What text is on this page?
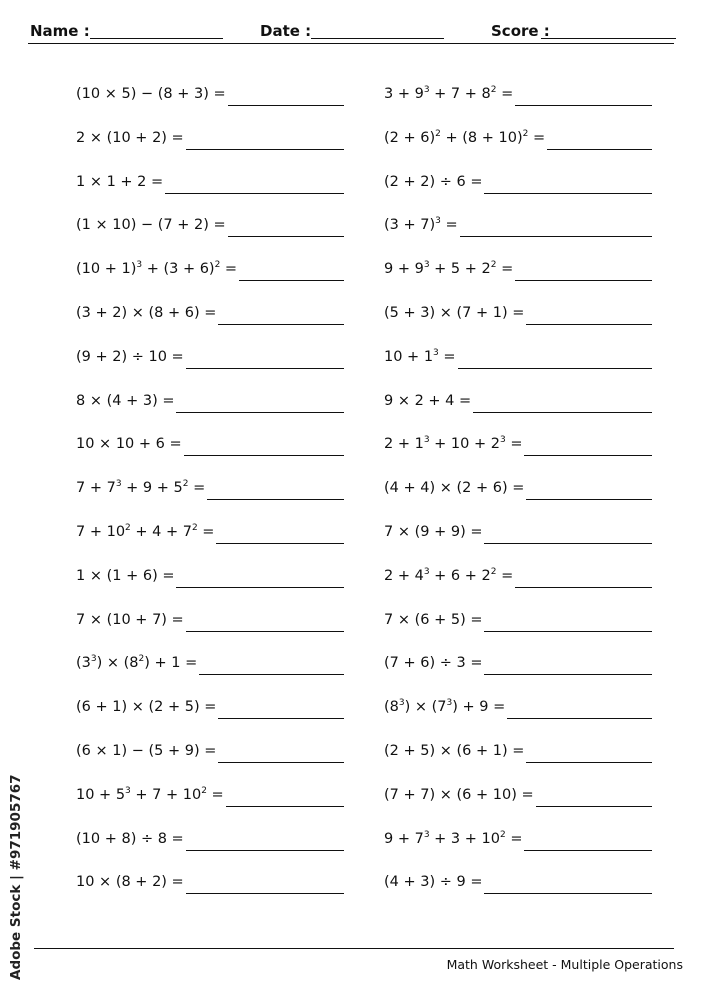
Name :	Date :	Score :
(10 × 5) − (8 + 3) =
2 × (10 + 2) =
1 × 1 + 2 =
(1 × 10) − (7 + 2) =
$(10 + 1)^3 + (3 + 6)^2$ =
(3 + 2) × (8 + 6) =
(9 + 2) ÷ 10 =
8 × (4 + 3) =
10 × 10 + 6 =
$7 + 7^3 + 9 + 5^2$ =
$7 + 10^2 + 4 + 7^2$ =
1 × (1 + 6) =
7 × (10 + 7) =
$(3^3) \times (8^2) + 1$ =
(6 + 1) × (2 + 5) =
(6 × 1) − (5 + 9) =
$10 + 5^3 + 7 + 10^2$ =
(10 + 8) ÷ 8 =
10 × (8 + 2) =
$3 + 9^3 + 7 + 8^2$ =
$(2 + 6)^2 + (8 + 10)^2$ =
(2 + 2) ÷ 6 =
$(3 + 7)^3$ =
$9 + 9^3 + 5 + 2^2$ =
(5 + 3) × (7 + 1) =
$10 + 1^3$ =
9 × 2 + 4 =
$2 + 1^3 + 10 + 2^3$ =
(4 + 4) × (2 + 6) =
7 × (9 + 9) =
$2 + 4^3 + 6 + 2^2$ =
7 × (6 + 5) =
(7 + 6) ÷ 3 =
$(8^3) \times (7^3) + 9$ =
(2 + 5) × (6 + 1) =
(7 + 7) × (6 + 10) =
$9 + 7^3 + 3 + 10^2$ =
(4 + 3) ÷ 9 =
Math Worksheet - Multiple Operations
Adobe Stock | #971905767
